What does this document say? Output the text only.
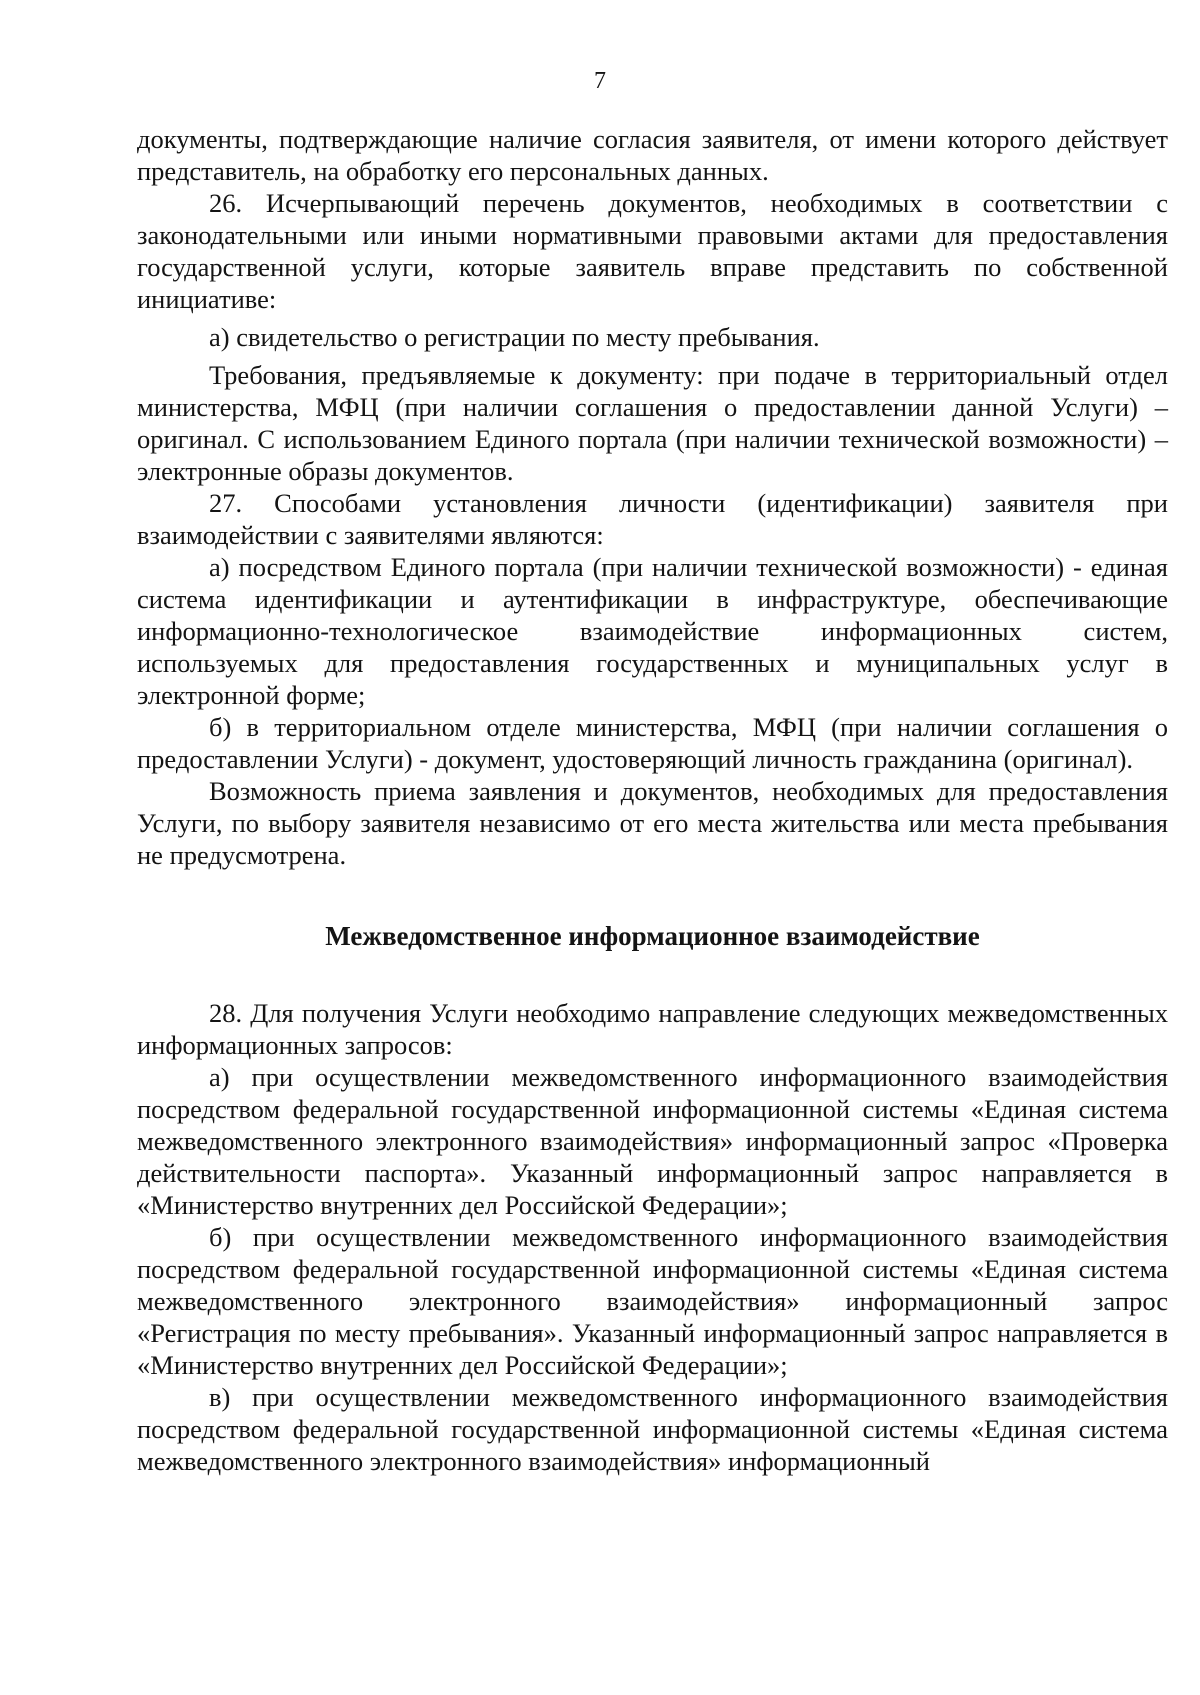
7

документы, подтверждающие наличие согласия заявителя, от имени которого действует представитель, на обработку его персональных данных.

26. Исчерпывающий перечень документов, необходимых в соответствии с законодательными или иными нормативными правовыми актами для предоставления государственной услуги, которые заявитель вправе представить по собственной инициативе:

а) свидетельство о регистрации по месту пребывания.

Требования, предъявляемые к документу: при подаче в территориальный отдел министерства, МФЦ (при наличии соглашения о предоставлении данной Услуги) – оригинал. С использованием Единого портала (при наличии технической возможности) – электронные образы документов.

27. Способами установления личности (идентификации) заявителя при взаимодействии с заявителями являются:

а) посредством Единого портала (при наличии технической возможности) - единая система идентификации и аутентификации в инфраструктуре, обеспечивающие информационно-технологическое взаимодействие информационных систем, используемых для предоставления государственных и муниципальных услуг в электронной форме;

б) в территориальном отделе министерства, МФЦ (при наличии соглашения о предоставлении Услуги) - документ, удостоверяющий личность гражданина (оригинал).

Возможность приема заявления и документов, необходимых для предоставления Услуги, по выбору заявителя независимо от его места жительства или места пребывания не предусмотрена.

Межведомственное информационное взаимодействие

28. Для получения Услуги необходимо направление следующих межведомственных информационных запросов:

а) при осуществлении межведомственного информационного взаимодействия посредством федеральной государственной информационной системы «Единая система межведомственного электронного взаимодействия» информационный запрос «Проверка действительности паспорта». Указанный информационный запрос направляется в «Министерство внутренних дел Российской Федерации»;

б) при осуществлении межведомственного информационного взаимодействия посредством федеральной государственной информационной системы «Единая система межведомственного электронного взаимодействия» информационный запрос «Регистрация по месту пребывания». Указанный информационный запрос направляется в «Министерство внутренних дел Российской Федерации»;

в) при осуществлении межведомственного информационного взаимодействия посредством федеральной государственной информационной системы «Единая система межведомственного электронного взаимодействия» информационный
